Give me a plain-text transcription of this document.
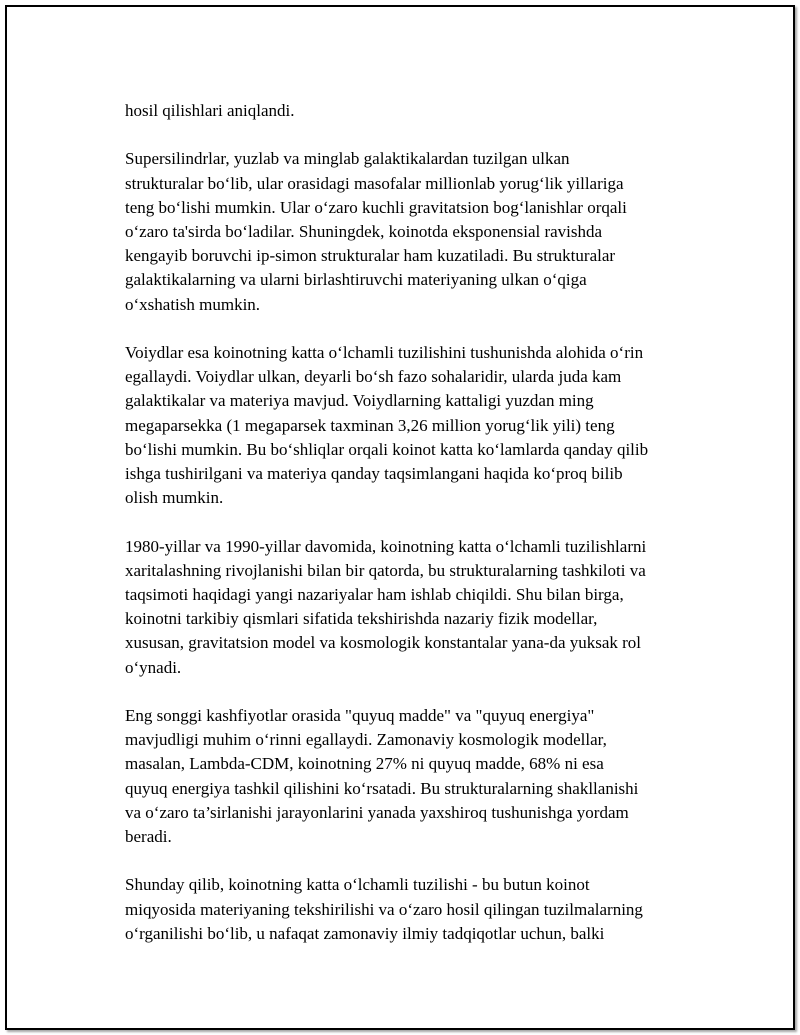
hosil qilishlari aniqlandi.

Supersilindrlar, yuzlab va minglab galaktikalardan tuzilgan ulkan
strukturalar bo‘lib, ular orasidagi masofalar millionlab yorug‘lik yillariga
teng bo‘lishi mumkin. Ular o‘zaro kuchli gravitatsion bog‘lanishlar orqali
o‘zaro ta'sirda bo‘ladilar. Shuningdek, koinotda eksponensial ravishda
kengayib boruvchi ip-simon strukturalar ham kuzatiladi. Bu strukturalar
galaktikalarning va ularni birlashtiruvchi materiyaning ulkan o‘qiga
o‘xshatish mumkin.

Voiydlar esa koinotning katta o‘lchamli tuzilishini tushunishda alohida o‘rin
egallaydi. Voiydlar ulkan, deyarli bo‘sh fazo sohalaridir, ularda juda kam
galaktikalar va materiya mavjud. Voiydlarning kattaligi yuzdan ming
megaparsekka (1 megaparsek taxminan 3,26 million yorug‘lik yili) teng
bo‘lishi mumkin. Bu bo‘shliqlar orqali koinot katta ko‘lamlarda qanday qilib
ishga tushirilgani va materiya qanday taqsimlangani haqida ko‘proq bilib
olish mumkin.

1980-yillar va 1990-yillar davomida, koinotning katta o‘lchamli tuzilishlarni
xaritalashning rivojlanishi bilan bir qatorda, bu strukturalarning tashkiloti va
taqsimoti haqidagi yangi nazariyalar ham ishlab chiqildi. Shu bilan birga,
koinotni tarkibiy qismlari sifatida tekshirishda nazariy fizik modellar,
xususan, gravitatsion model va kosmologik konstantalar yana-da yuksak rol
o‘ynadi.

Eng songgi kashfiyotlar orasida "quyuq madde" va "quyuq energiya"
mavjudligi muhim o‘rinni egallaydi. Zamonaviy kosmologik modellar,
masalan, Lambda-CDM, koinotning 27% ni quyuq madde, 68% ni esa
quyuq energiya tashkil qilishini ko‘rsatadi. Bu strukturalarning shakllanishi
va o‘zaro ta’sirlanishi jarayonlarini yanada yaxshiroq tushunishga yordam
beradi.

Shunday qilib, koinotning katta o‘lchamli tuzilishi - bu butun koinot
miqyosida materiyaning tekshirilishi va o‘zaro hosil qilingan tuzilmalarning
o‘rganilishi bo‘lib, u nafaqat zamonaviy ilmiy tadqiqotlar uchun, balki
